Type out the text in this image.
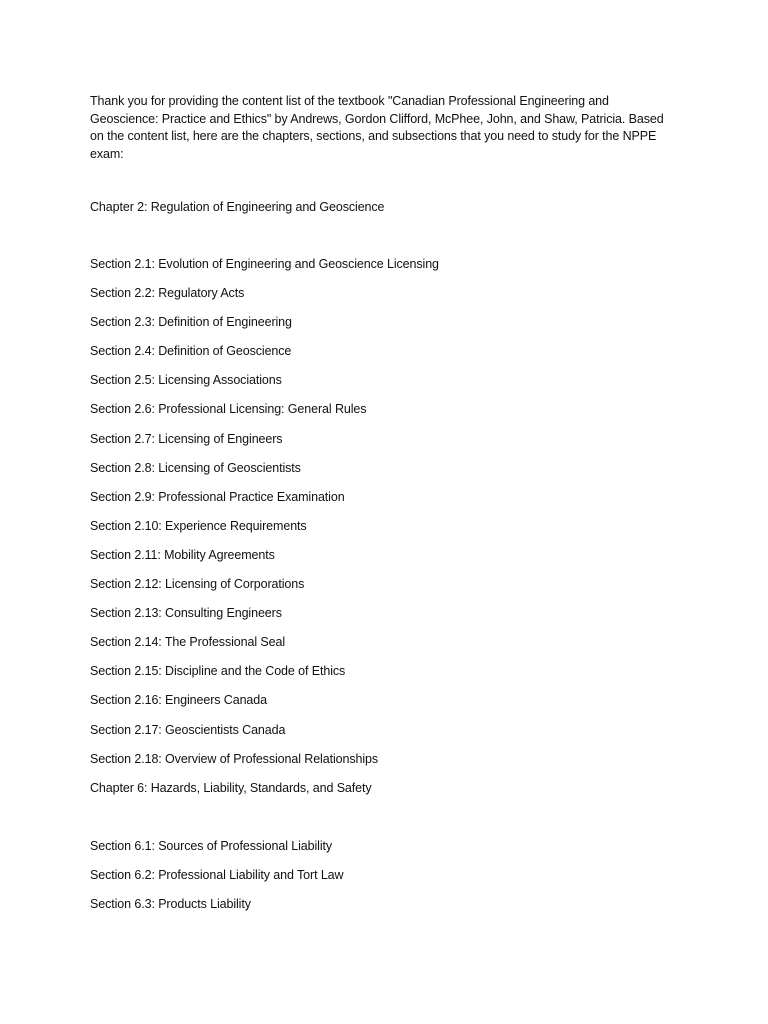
Thank you for providing the content list of the textbook "Canadian Professional Engineering and Geoscience: Practice and Ethics" by Andrews, Gordon Clifford, McPhee, John, and Shaw, Patricia. Based on the content list, here are the chapters, sections, and subsections that you need to study for the NPPE exam:

Chapter 2: Regulation of Engineering and Geoscience

Section 2.1: Evolution of Engineering and Geoscience Licensing

Section 2.2: Regulatory Acts

Section 2.3: Definition of Engineering

Section 2.4: Definition of Geoscience

Section 2.5: Licensing Associations

Section 2.6: Professional Licensing: General Rules

Section 2.7: Licensing of Engineers

Section 2.8: Licensing of Geoscientists

Section 2.9: Professional Practice Examination

Section 2.10: Experience Requirements

Section 2.11: Mobility Agreements

Section 2.12: Licensing of Corporations

Section 2.13: Consulting Engineers

Section 2.14: The Professional Seal

Section 2.15: Discipline and the Code of Ethics

Section 2.16: Engineers Canada

Section 2.17: Geoscientists Canada

Section 2.18: Overview of Professional Relationships

Chapter 6: Hazards, Liability, Standards, and Safety

Section 6.1: Sources of Professional Liability

Section 6.2: Professional Liability and Tort Law

Section 6.3: Products Liability
